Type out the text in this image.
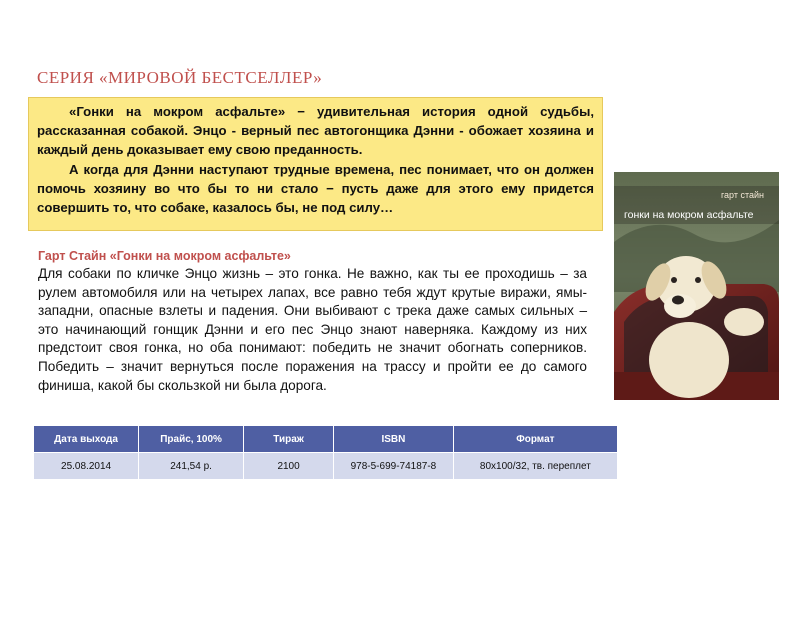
СЕРИЯ «МИРОВОЙ БЕСТСЕЛЛЕР»

«Гонки на мокром асфальте» − удивительная история одной судьбы, рассказанная собакой. Энцо - верный пес автогонщика Дэнни - обожает хозяина и каждый день доказывает ему свою преданность.

А когда для Дэнни наступают трудные времена, пес понимает, что он должен помочь хозяину во что бы то ни стало − пусть даже для этого ему придется совершить то, что собаке, казалось бы, не под силу…

гарт стайн
гонки на мокром асфальте
Гарт Стайн «Гонки на мокром асфальте»
Для собаки по кличке Энцо жизнь – это гонка. Не важно, как ты ее проходишь – за рулем автомобиля или на четырех лапах, все равно тебя ждут крутые виражи, ямы-западни, опасные взлеты и падения. Они выбивают с трека даже самых сильных – это начинающий гонщик Дэнни и его пес Энцо знают наверняка. Каждому из них предстоит своя гонка, но оба понимают: победить не значит обогнать соперников. Победить – значит вернуться после поражения на трассу и пройти ее до самого финиша, какой бы скользкой ни была дорога.
Дата выхода	Прайс, 100%	Тираж	ISBN	Формат
25.08.2014	241,54 р.	2100	978-5-699-74187-8	80x100/32, тв. переплет
